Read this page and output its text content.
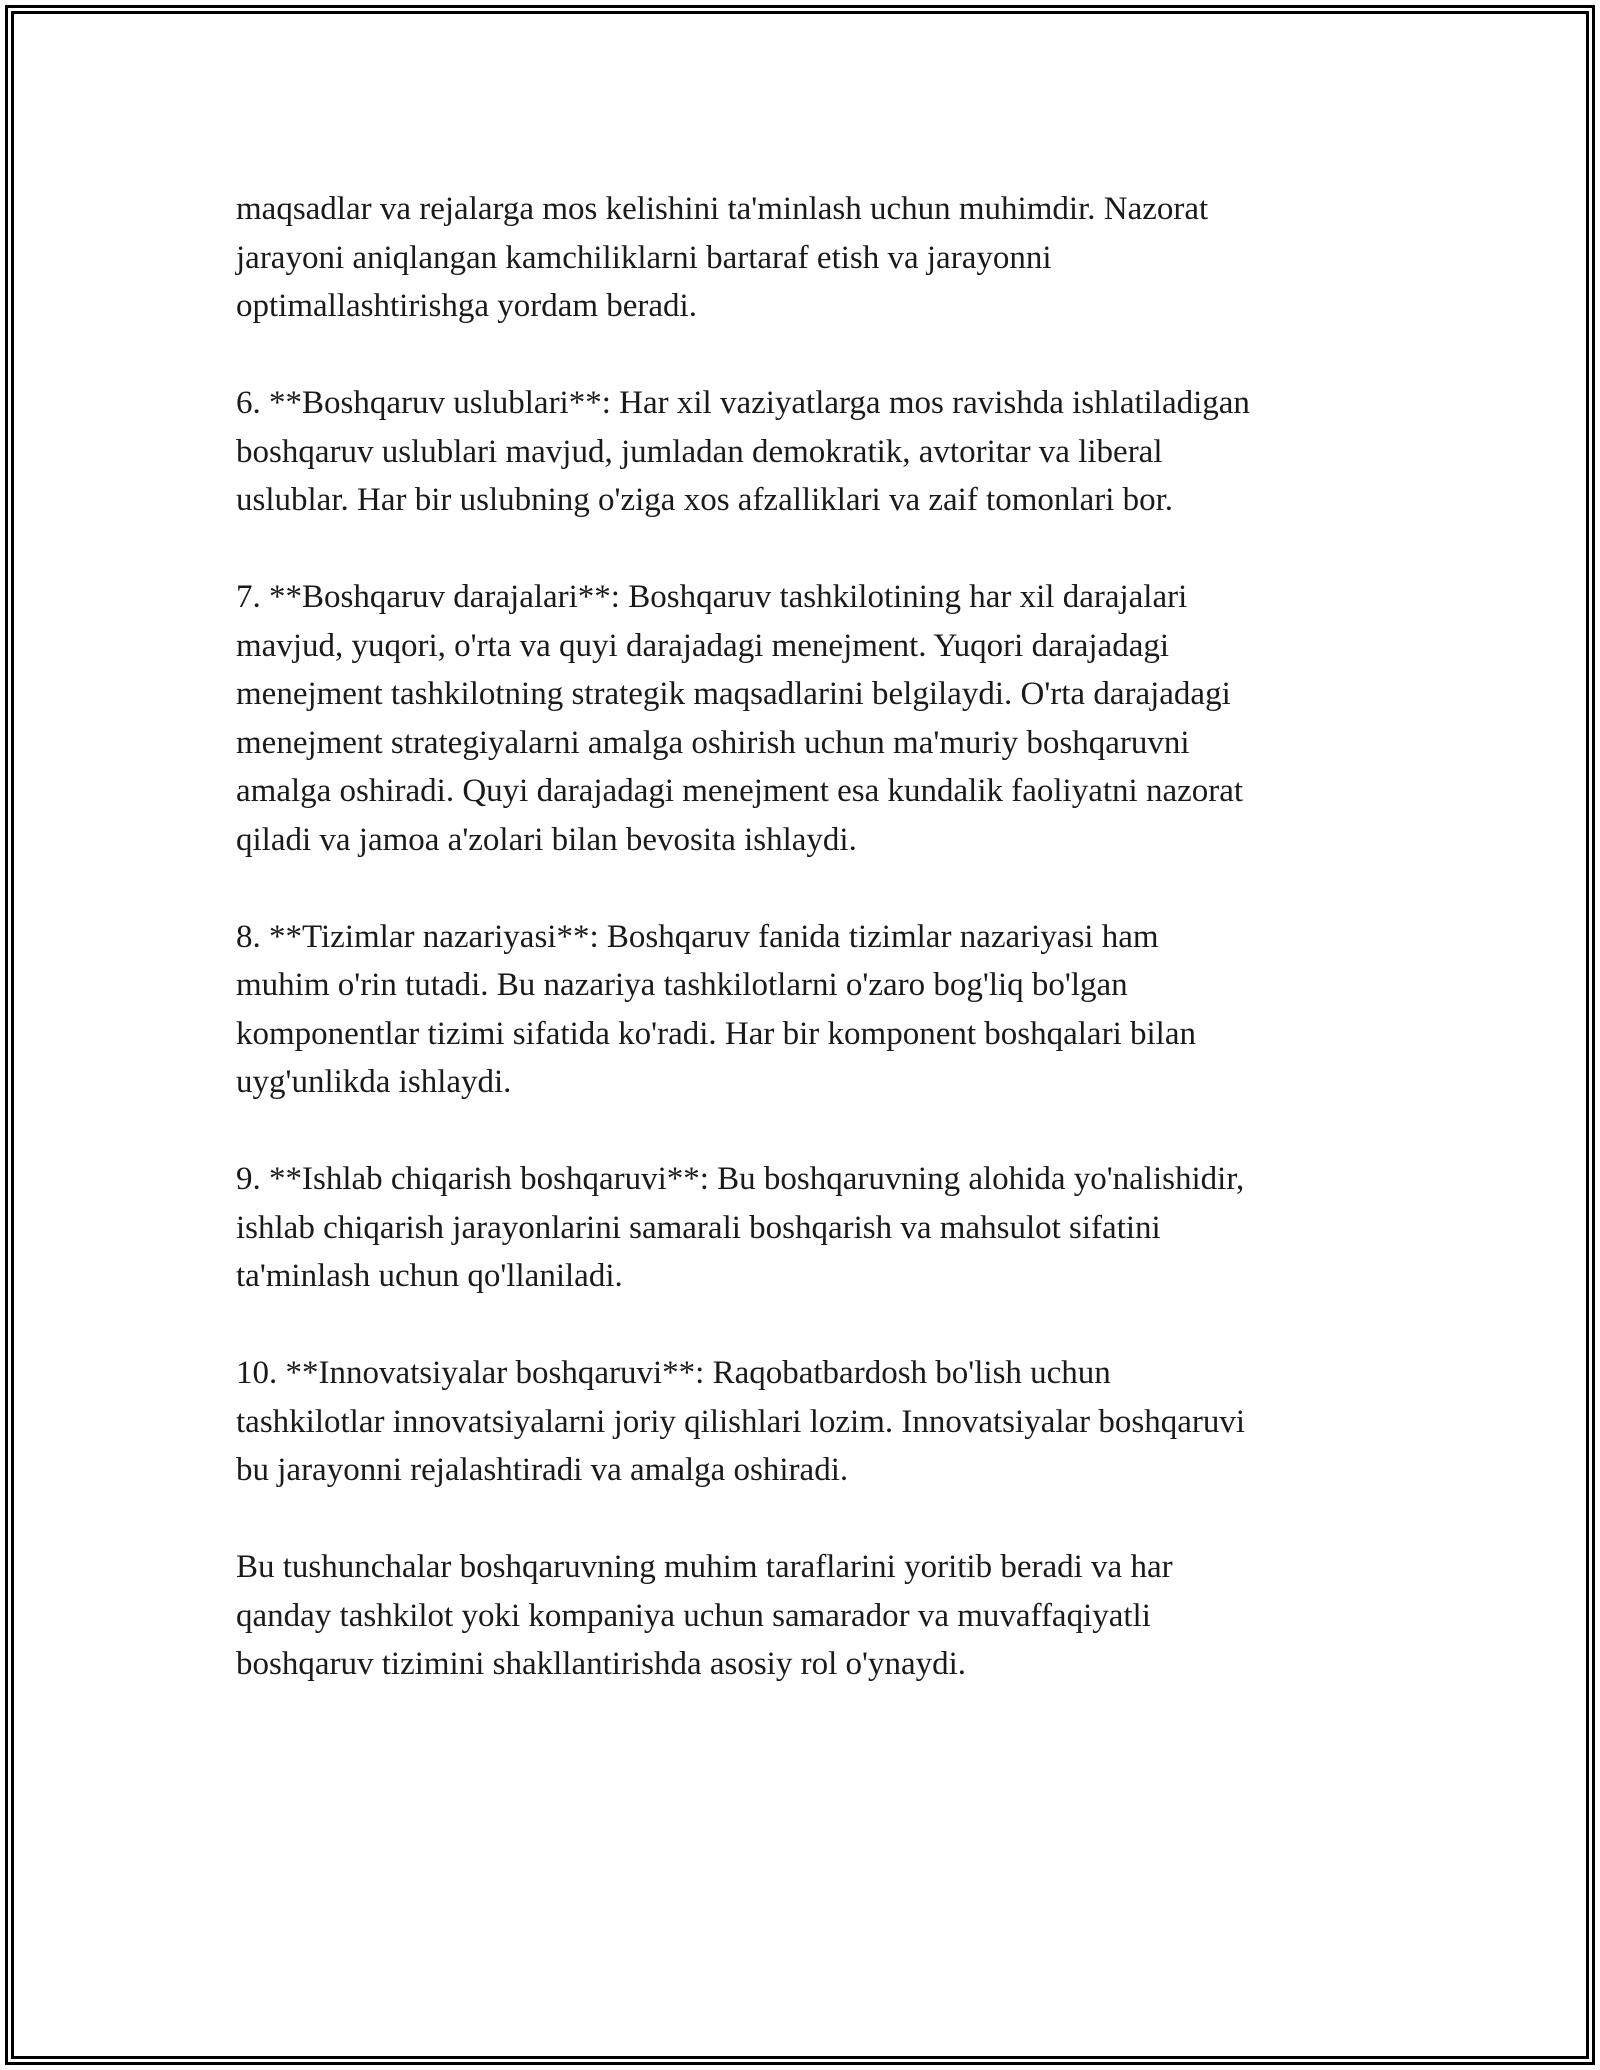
maqsadlar va rejalarga mos kelishini ta'minlash uchun muhimdir. Nazorat
jarayoni aniqlangan kamchiliklarni bartaraf etish va jarayonni
optimallashtirishga yordam beradi.

6. **Boshqaruv uslublari**: Har xil vaziyatlarga mos ravishda ishlatiladigan
boshqaruv uslublari mavjud, jumladan demokratik, avtoritar va liberal
uslublar. Har bir uslubning o'ziga xos afzalliklari va zaif tomonlari bor.

7. **Boshqaruv darajalari**: Boshqaruv tashkilotining har xil darajalari
mavjud, yuqori, o'rta va quyi darajadagi menejment. Yuqori darajadagi
menejment tashkilotning strategik maqsadlarini belgilaydi. O'rta darajadagi
menejment strategiyalarni amalga oshirish uchun ma'muriy boshqaruvni
amalga oshiradi. Quyi darajadagi menejment esa kundalik faoliyatni nazorat
qiladi va jamoa a'zolari bilan bevosita ishlaydi.

8. **Tizimlar nazariyasi**: Boshqaruv fanida tizimlar nazariyasi ham
muhim o'rin tutadi. Bu nazariya tashkilotlarni o'zaro bog'liq bo'lgan
komponentlar tizimi sifatida ko'radi. Har bir komponent boshqalari bilan
uyg'unlikda ishlaydi.

9. **Ishlab chiqarish boshqaruvi**: Bu boshqaruvning alohida yo'nalishidir,
ishlab chiqarish jarayonlarini samarali boshqarish va mahsulot sifatini
ta'minlash uchun qo'llaniladi.

10. **Innovatsiyalar boshqaruvi**: Raqobatbardosh bo'lish uchun
tashkilotlar innovatsiyalarni joriy qilishlari lozim. Innovatsiyalar boshqaruvi
bu jarayonni rejalashtiradi va amalga oshiradi.

Bu tushunchalar boshqaruvning muhim taraflarini yoritib beradi va har
qanday tashkilot yoki kompaniya uchun samarador va muvaffaqiyatli
boshqaruv tizimini shakllantirishda asosiy rol o'ynaydi.
